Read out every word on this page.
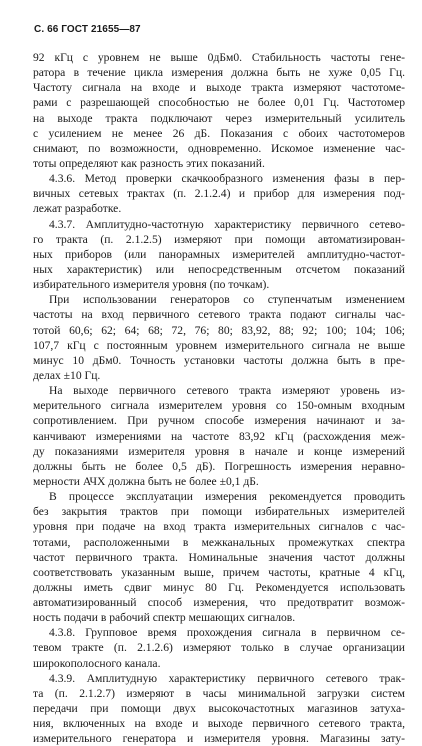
С. 66 ГОСТ 21655—87
92 кГц с уровнем не выше 0дБм0. Стабильность частоты гене-
ратора в течение цикла измерения должна быть не хуже 0,05 Гц.
Частоту сигнала на входе и выходе тракта измеряют частотоме-
рами с разрешающей способностью не более 0,01 Гц. Частотомер
на выходе тракта подключают через измерительный усилитель
с усилением не менее 26 дБ. Показания с обоих частотомеров
снимают, по возможности, одновременно. Искомое изменение час-
тоты определяют как разность этих показаний.
4.3.6. Метод проверки скачкообразного изменения фазы в пер-
вичных сетевых трактах (п. 2.1.2.4) и прибор для измерения под-
лежат разработке.
4.3.7. Амплитудно-частотную характеристику первичного сетево-
го тракта (п. 2.1.2.5) измеряют при помощи автоматизирован-
ных приборов (или панорамных измерителей амплитудно-частот-
ных характеристик) или непосредственным отсчетом показаний
избирательного измерителя уровня (по точкам).
При использовании генераторов со ступенчатым изменением
частоты на вход первичного сетевого тракта подают сигналы час-
тотой 60,6; 62; 64; 68; 72, 76; 80; 83,92, 88; 92; 100; 104; 106;
107,7 кГц с постоянным уровнем измерительного сигнала не выше
минус 10 дБм0. Точность установки частоты должна быть в пре-
делах ±10 Гц.
На выходе первичного сетевого тракта измеряют уровень из-
мерительного сигнала измерителем уровня со 150-омным входным
сопротивлением. При ручном способе измерения начинают и за-
канчивают измерениями на частоте 83,92 кГц (расхождения меж-
ду показаниями измерителя уровня в начале и конце измерений
должны быть не более 0,5 дБ). Погрешность измерения неравно-
мерности АЧХ должна быть не более ±0,1 дБ.
В процессе эксплуатации измерения рекомендуется проводить
без закрытия трактов при помощи избирательных измерителей
уровня при подаче на вход тракта измерительных сигналов с час-
тотами, расположенными в межканальных промежутках спектра
частот первичного тракта. Номинальные значения частот должны
соответствовать указанным выше, причем частоты, кратные 4 кГц,
должны иметь сдвиг минус 80 Гц. Рекомендуется использовать
автоматизированный способ измерения, что предотвратит возмож-
ность подачи в рабочий спектр мешающих сигналов.
4.3.8. Групповое время прохождения сигнала в первичном се-
тевом тракте (п. 2.1.2.6) измеряют только в случае организации
широкополосного канала.
4.3.9. Амплитудную характеристику первичного сетевого трак-
та (п. 2.1.2.7) измеряют в часы минимальной загрузки систем
передачи при помощи двух высокочастотных магазинов затуха-
ния, включенных на входе и выходе первичного сетевого тракта,
измерительного генератора и измерителя уровня. Магазины зату-
